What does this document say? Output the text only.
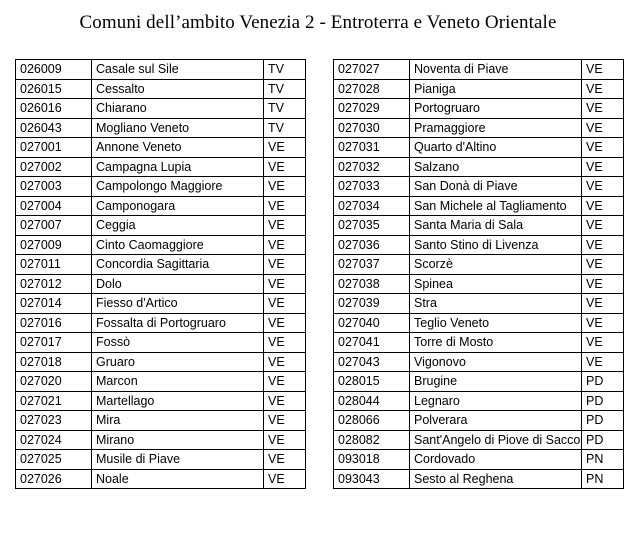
Comuni dell’ambito Venezia 2 - Entroterra e Veneto Orientale
026009	Casale sul Sile	TV
026015	Cessalto	TV
026016	Chiarano	TV
026043	Mogliano Veneto	TV
027001	Annone Veneto	VE
027002	Campagna Lupia	VE
027003	Campolongo Maggiore	VE
027004	Camponogara	VE
027007	Ceggia	VE
027009	Cinto Caomaggiore	VE
027011	Concordia Sagittaria	VE
027012	Dolo	VE
027014	Fiesso d'Artico	VE
027016	Fossalta di Portogruaro	VE
027017	Fossò	VE
027018	Gruaro	VE
027020	Marcon	VE
027021	Martellago	VE
027023	Mira	VE
027024	Mirano	VE
027025	Musile di Piave	VE
027026	Noale	VE
027027	Noventa di Piave	VE
027028	Pianiga	VE
027029	Portogruaro	VE
027030	Pramaggiore	VE
027031	Quarto d'Altino	VE
027032	Salzano	VE
027033	San Donà di Piave	VE
027034	San Michele al Tagliamento	VE
027035	Santa Maria di Sala	VE
027036	Santo Stino di Livenza	VE
027037	Scorzè	VE
027038	Spinea	VE
027039	Stra	VE
027040	Teglio Veneto	VE
027041	Torre di Mosto	VE
027043	Vigonovo	VE
028015	Brugine	PD
028044	Legnaro	PD
028066	Polverara	PD
028082	Sant'Angelo di Piove di Sacco	PD
093018	Cordovado	PN
093043	Sesto al Reghena	PN
